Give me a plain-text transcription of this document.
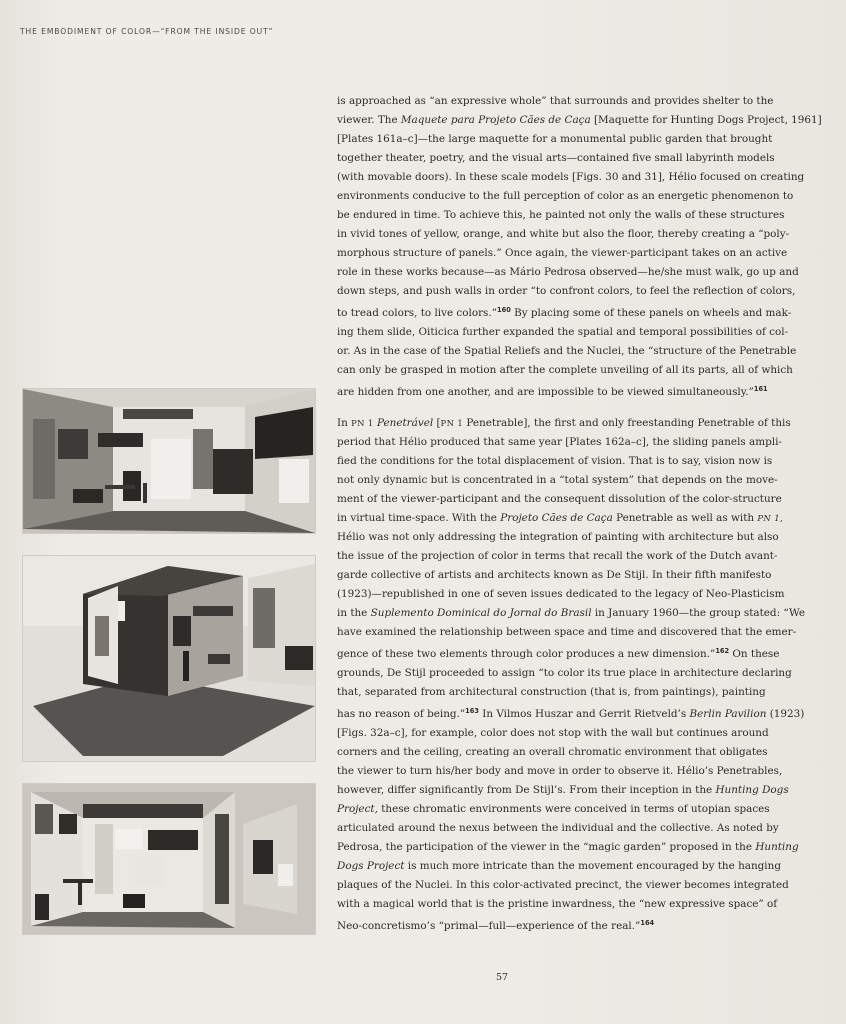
THE EMBODIMENT OF COLOR—“FROM THE INSIDE OUT”

is approached as “an expressive whole” that surrounds and provides shelter to the
viewer. The Maquete para Projeto Cães de Caça [Maquette for Hunting Dogs Project, 1961]
[Plates 161a–c]—the large maquette for a monumental public garden that brought
together theater, poetry, and the visual arts—contained five small labyrinth models
(with movable doors). In these scale models [Figs. 30 and 31], Hélio focused on creating
environments conducive to the full perception of color as an energetic phenomenon to
be endured in time. To achieve this, he painted not only the walls of these structures
in vivid tones of yellow, orange, and white but also the floor, thereby creating a “poly-
morphous structure of panels.” Once again, the viewer-participant takes on an active
role in these works because—as Mário Pedrosa observed—he/she must walk, go up and
down steps, and push walls in order “to confront colors, to feel the reflection of colors,
to tread colors, to live colors.”$^{160}$ By placing some of these panels on wheels and mak-
ing them slide, Oiticica further expanded the spatial and temporal possibilities of col-
or. As in the case of the Spatial Reliefs and the Nuclei, the “structure of the Penetrable
can only be grasped in motion after the complete unveiling of all its parts, all of which
are hidden from one another, and are impossible to be viewed simultaneously.”$^{161}$

In PN 1 Penetrável [PN 1 Penetrable], the first and only freestanding Penetrable of this
period that Hélio produced that same year [Plates 162a–c], the sliding panels ampli-
fied the conditions for the total displacement of vision. That is to say, vision now is
not only dynamic but is concentrated in a “total system” that depends on the move-
ment of the viewer-participant and the consequent dissolution of the color-structure
in virtual time-space. With the Projeto Cães de Caça Penetrable as well as with PN 1,
Hélio was not only addressing the integration of painting with architecture but also
the issue of the projection of color in terms that recall the work of the Dutch avant-
garde collective of artists and architects known as De Stijl. In their fifth manifesto
(1923)—republished in one of seven issues dedicated to the legacy of Neo-Plasticism
in the Suplemento Dominical do Jornal do Brasil in January 1960—the group stated: “We
have examined the relationship between space and time and discovered that the emer-
gence of these two elements through color produces a new dimension.”$^{162}$ On these
grounds, De Stijl proceeded to assign “to color its true place in architecture declaring
that, separated from architectural construction (that is, from paintings), painting
has no reason of being.”$^{163}$ In Vilmos Huszar and Gerrit Rietveld’s Berlin Pavilion (1923)
[Figs. 32a–c], for example, color does not stop with the wall but continues around
corners and the ceiling, creating an overall chromatic environment that obligates
the viewer to turn his/her body and move in order to observe it. Hélio’s Penetrables,
however, differ significantly from De Stijl’s. From their inception in the Hunting Dogs
Project, these chromatic environments were conceived in terms of utopian spaces
articulated around the nexus between the individual and the collective. As noted by
Pedrosa, the participation of the viewer in the “magic garden” proposed in the Hunting
Dogs Project is much more intricate than the movement encouraged by the hanging
plaques of the Nuclei. In this color-activated precinct, the viewer becomes integrated
with a magical world that is the pristine inwardness, the “new expressive space” of
Neo-concretismo’s “primal—full—experience of the real.”$^{164}$

57
